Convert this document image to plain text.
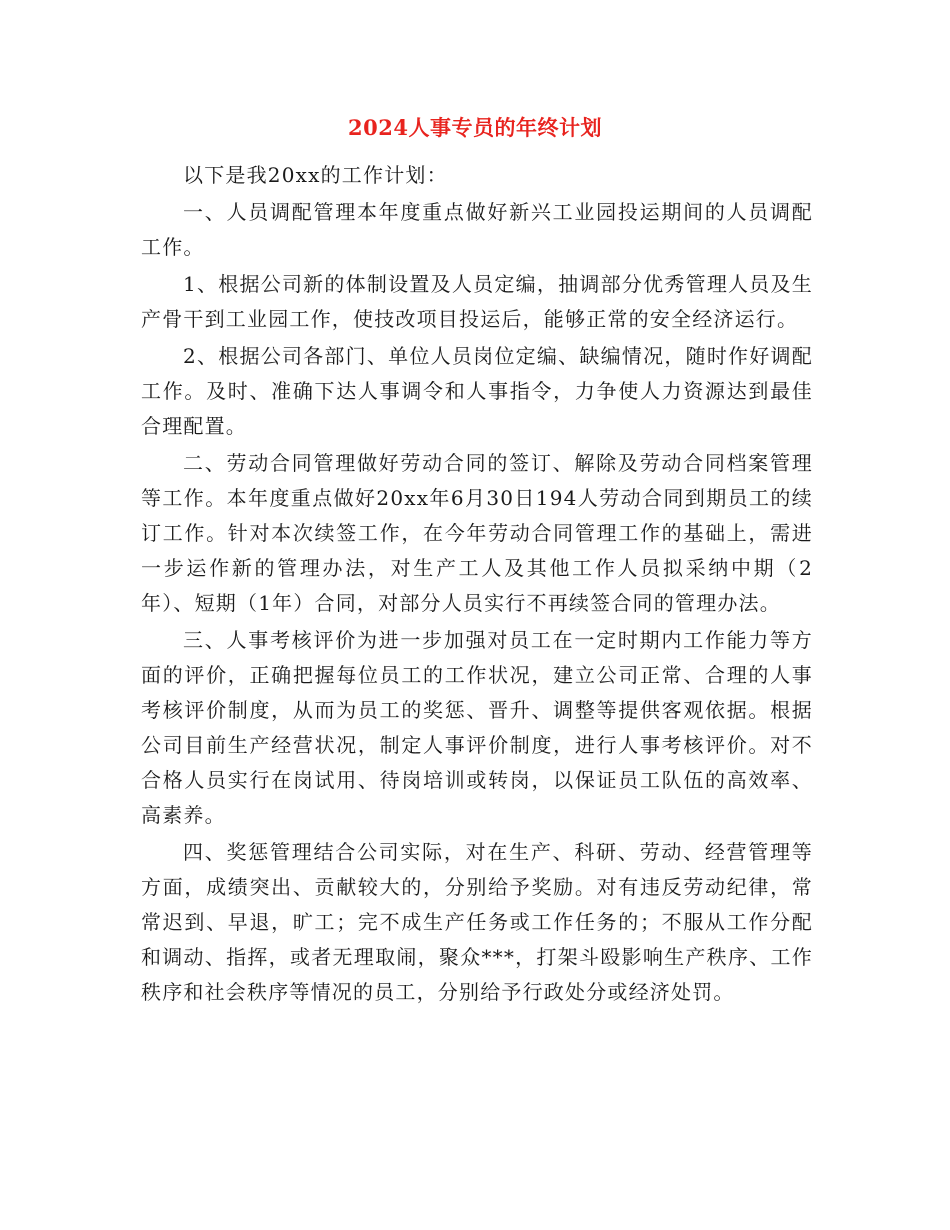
2024人事专员的年终计划

以下是我20xx的工作计划：

一、人员调配管理本年度重点做好新兴工业园投运期间的人员调配工作。

1、根据公司新的体制设置及人员定编，抽调部分优秀管理人员及生产骨干到工业园工作，使技改项目投运后，能够正常的安全经济运行。

2、根据公司各部门、单位人员岗位定编、缺编情况，随时作好调配工作。及时、准确下达人事调令和人事指令，力争使人力资源达到最佳合理配置。

二、劳动合同管理做好劳动合同的签订、解除及劳动合同档案管理等工作。本年度重点做好20xx年6月30日194人劳动合同到期员工的续订工作。针对本次续签工作，在今年劳动合同管理工作的基础上，需进一步运作新的管理办法，对生产工人及其他工作人员拟采纳中期（2年）、短期（1年）合同，对部分人员实行不再续签合同的管理办法。

三、人事考核评价为进一步加强对员工在一定时期内工作能力等方面的评价，正确把握每位员工的工作状况，建立公司正常、合理的人事考核评价制度，从而为员工的奖惩、晋升、调整等提供客观依据。根据公司目前生产经营状况，制定人事评价制度，进行人事考核评价。对不合格人员实行在岗试用、待岗培训或转岗，以保证员工队伍的高效率、高素养。

四、奖惩管理结合公司实际，对在生产、科研、劳动、经营管理等方面，成绩突出、贡献较大的，分别给予奖励。对有违反劳动纪律，常常迟到、早退，旷工；完不成生产任务或工作任务的；不服从工作分配和调动、指挥，或者无理取闹，聚众***，打架斗殴影响生产秩序、工作秩序和社会秩序等情况的员工，分别给予行政处分或经济处罚。
